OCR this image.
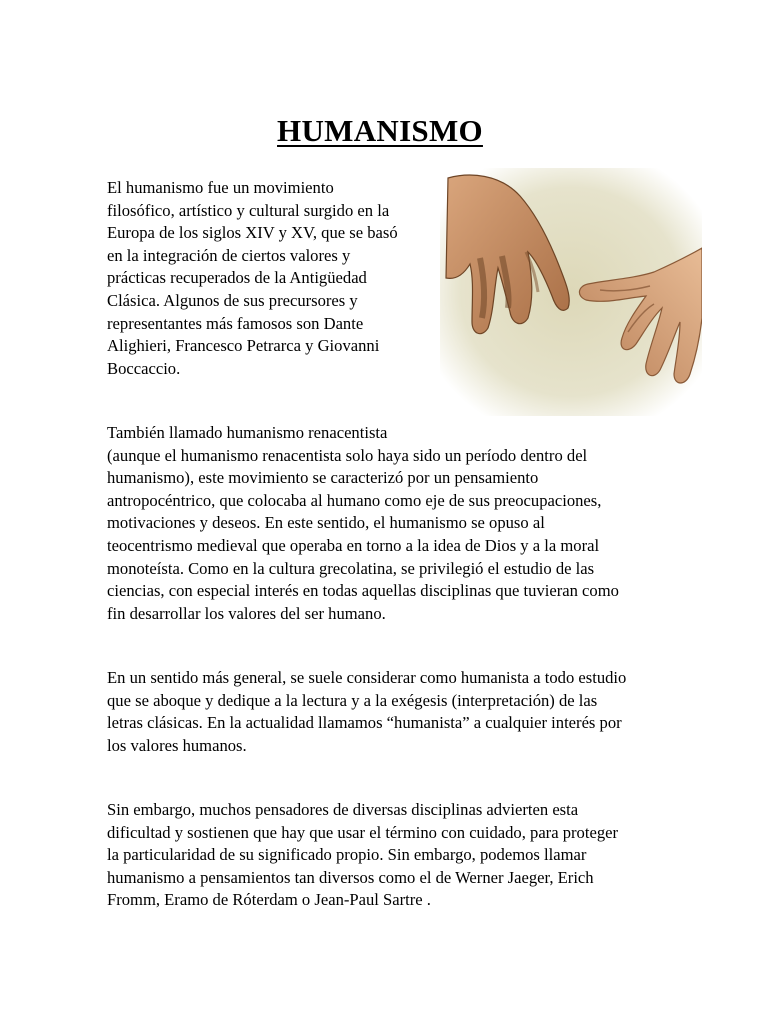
HUMANISMO

El humanismo fue un movimiento
filosófico, artístico y cultural surgido en la
Europa de los siglos XIV y XV, que se basó
en la integración de ciertos valores y
prácticas recuperados de la Antigüedad
Clásica. Algunos de sus precursores y
representantes más famosos son Dante
Alighieri, Francesco Petrarca y Giovanni
Boccaccio.

También llamado humanismo renacentista
(aunque el humanismo renacentista solo haya sido un período dentro del
humanismo), este movimiento se caracterizó por un pensamiento
antropocéntrico, que colocaba al humano como eje de sus preocupaciones,
motivaciones y deseos. En este sentido, el humanismo se opuso al
teocentrismo medieval que operaba en torno a la idea de Dios y a la moral
monoteísta. Como en la cultura grecolatina, se privilegió el estudio de las
ciencias, con especial interés en todas aquellas disciplinas que tuvieran como
fin desarrollar los valores del ser humano.

En un sentido más general, se suele considerar como humanista a todo estudio
que se aboque y dedique a la lectura y a la exégesis (interpretación) de las
letras clásicas. En la actualidad llamamos “humanista” a cualquier interés por
los valores humanos.

Sin embargo, muchos pensadores de diversas disciplinas advierten esta
dificultad y sostienen que hay que usar el término con cuidado, para proteger
la particularidad de su significado propio. Sin embargo, podemos llamar
humanismo a pensamientos tan diversos como el de Werner Jaeger, Erich
Fromm, Eramo de Róterdam o Jean-Paul Sartre .
